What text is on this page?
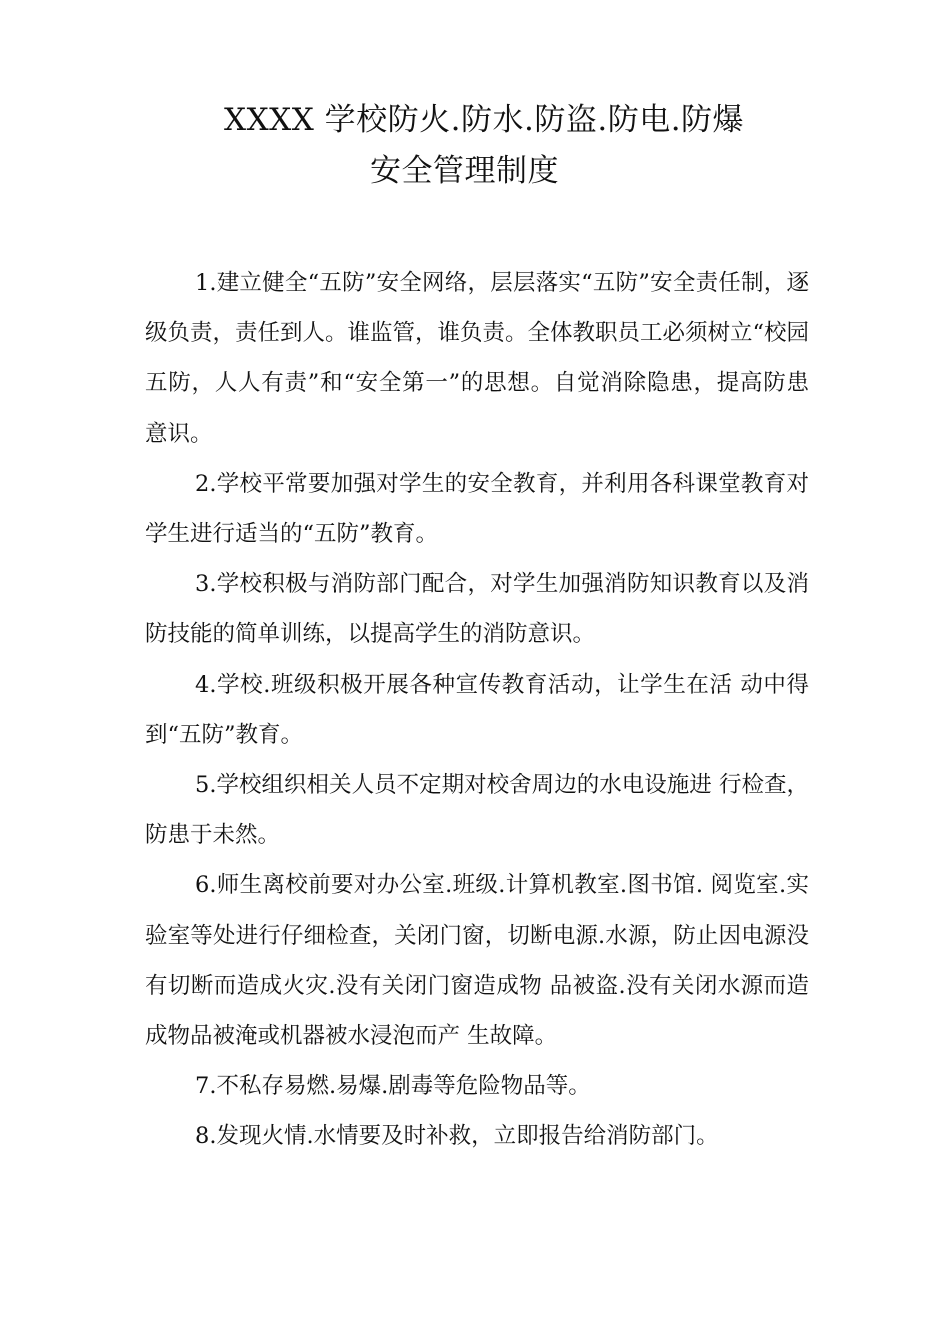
XXXX 学校防火.防水.防盗.防电.防爆
安全管理制度

1.建立健全“五防”安全网络，层层落实“五防”安全责任制，逐级负责，责任到人。谁监管，谁负责。全体教职员工必须树立“校园五防，人人有责”和“安全第一”的思想。自觉消除隐患，提高防患意识。

2.学校平常要加强对学生的安全教育，并利用各科课堂教育对学生进行适当的“五防”教育。

3.学校积极与消防部门配合，对学生加强消防知识教育以及消防技能的简单训练，以提高学生的消防意识。

4.学校.班级积极开展各种宣传教育活动，让学生在活 动中得到“五防”教育。

5.学校组织相关人员不定期对校舍周边的水电设施进 行检查，防患于未然。

6.师生离校前要对办公室.班级.计算机教室.图书馆. 阅览室.实验室等处进行仔细检查，关闭门窗，切断电源.水源，防止因电源没有切断而造成火灾.没有关闭门窗造成物 品被盗.没有关闭水源而造成物品被淹或机器被水浸泡而产 生故障。

7.不私存易燃.易爆.剧毒等危险物品等。

8.发现火情.水情要及时补救，立即报告给消防部门。
